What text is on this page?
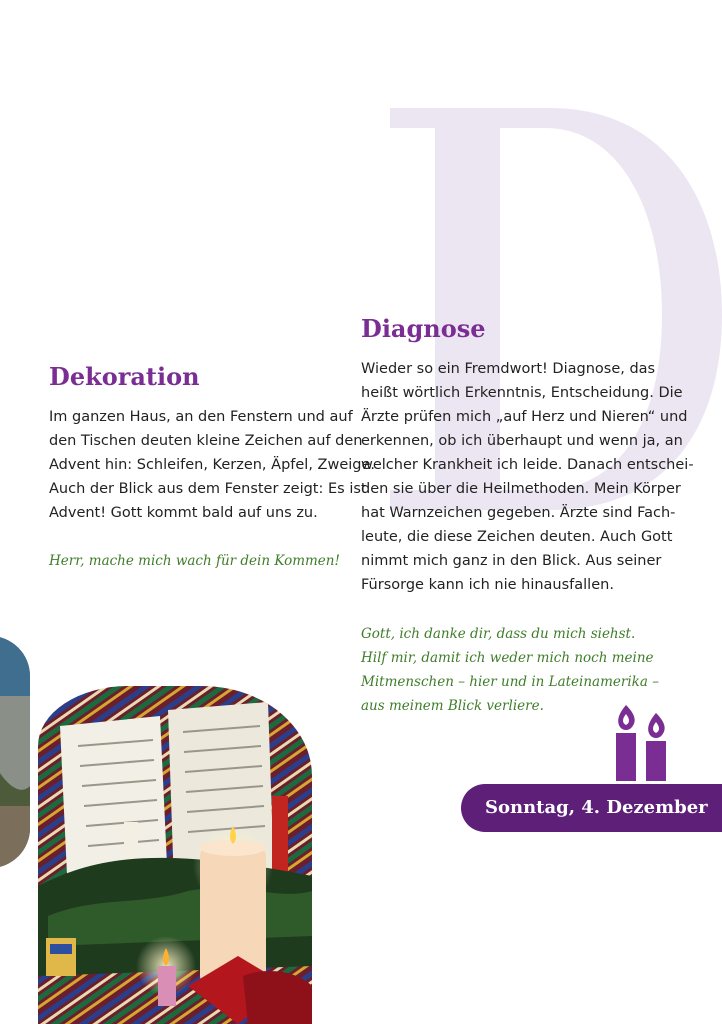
Dekoration
Im ganzen Haus, an den Fenstern und auf
den Tischen deuten kleine Zeichen auf den
Advent hin: Schleifen, Kerzen, Äpfel, Zweige.
Auch der Blick aus dem Fenster zeigt: Es ist
Advent! Gott kommt bald auf uns zu.
Herr, mache mich wach für dein Kommen!
Diagnose
Wieder so ein Fremdwort! Diagnose, das
heißt wörtlich Erkenntnis, Entscheidung. Die
Ärzte prüfen mich „auf Herz und Nieren“ und
erkennen, ob ich überhaupt und wenn ja, an
welcher Krankheit ich leide. Danach entschei-
den sie über die Heilmethoden. Mein Körper
hat Warnzeichen gegeben. Ärzte sind Fach-
leute, die diese Zeichen deuten. Auch Gott
nimmt mich ganz in den Blick. Aus seiner
Fürsorge kann ich nie hinausfallen.
Gott, ich danke dir, dass du mich siehst.
Hilf mir, damit ich weder mich noch meine
Mitmenschen – hier und in Lateinamerika –
aus meinem Blick verliere.
Sonntag, 4. Dezember
